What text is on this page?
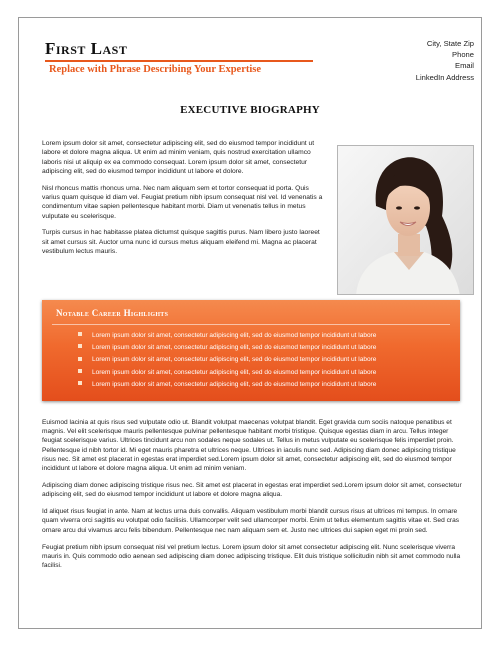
First Last
Replace with Phrase Describing Your Expertise
City, State Zip
Phone
Email
LinkedIn Address
EXECUTIVE BIOGRAPHY

Lorem ipsum dolor sit amet, consectetur adipiscing elit, sed do eiusmod tempor incididunt ut labore et dolore magna aliqua. Ut enim ad minim veniam, quis nostrud exercitation ullamco laboris nisi ut aliquip ex ea commodo consequat. Lorem ipsum dolor sit amet, consectetur adipiscing elit, sed do eiusmod tempor incididunt ut labore et dolore.

Nisl rhoncus mattis rhoncus urna. Nec nam aliquam sem et tortor consequat id porta. Quis varius quam quisque id diam vel. Feugiat pretium nibh ipsum consequat nisl vel. Id venenatis a condimentum vitae sapien pellentesque habitant morbi. Diam ut venenatis tellus in metus vulputate eu scelerisque.

Turpis cursus in hac habitasse platea dictumst quisque sagittis purus. Nam libero justo laoreet sit amet cursus sit. Auctor urna nunc id cursus metus aliquam eleifend mi. Magna ac placerat vestibulum lectus mauris.

Notable Career Highlights
Lorem ipsum dolor sit amet, consectetur adipiscing elit, sed do eiusmod tempor incididunt ut labore
Lorem ipsum dolor sit amet, consectetur adipiscing elit, sed do eiusmod tempor incididunt ut labore
Lorem ipsum dolor sit amet, consectetur adipiscing elit, sed do eiusmod tempor incididunt ut labore
Lorem ipsum dolor sit amet, consectetur adipiscing elit, sed do eiusmod tempor incididunt ut labore
Lorem ipsum dolor sit amet, consectetur adipiscing elit, sed do eiusmod tempor incididunt ut labore

Euismod lacinia at quis risus sed vulputate odio ut. Blandit volutpat maecenas volutpat blandit. Eget gravida cum sociis natoque penatibus et magnis. Vel elit scelerisque mauris pellentesque pulvinar pellentesque habitant morbi tristique. Quisque egestas diam in arcu. Tellus integer feugiat scelerisque varius. Ultrices tincidunt arcu non sodales neque sodales ut. Tellus in metus vulputate eu scelerisque felis imperdiet proin. Pellentesque id nibh tortor id. Mi eget mauris pharetra et ultrices neque. Ultrices in iaculis nunc sed. Adipiscing diam donec adipiscing tristique risus nec. Sit amet est placerat in egestas erat imperdiet sed.Lorem ipsum dolor sit amet, consectetur adipiscing elit, sed do eiusmod tempor incididunt ut labore et dolore magna aliqua. Ut enim ad minim veniam.

Adipiscing diam donec adipiscing tristique risus nec. Sit amet est placerat in egestas erat imperdiet sed.Lorem ipsum dolor sit amet, consectetur adipiscing elit, sed do eiusmod tempor incididunt ut labore et dolore magna aliqua.

Id aliquet risus feugiat in ante. Nam at lectus urna duis convallis. Aliquam vestibulum morbi blandit cursus risus at ultrices mi tempus. In ornare quam viverra orci sagittis eu volutpat odio facilisis. Ullamcorper velit sed ullamcorper morbi. Enim ut tellus elementum sagittis vitae et. Sed cras ornare arcu dui vivamus arcu felis bibendum. Pellentesque nec nam aliquam sem et. Justo nec ultrices dui sapien eget mi proin sed.

Feugiat pretium nibh ipsum consequat nisl vel pretium lectus. Lorem ipsum dolor sit amet consectetur adipiscing elit. Nunc scelerisque viverra mauris in. Quis commodo odio aenean sed adipiscing diam donec adipiscing tristique. Elit duis tristique sollicitudin nibh sit amet commodo nulla facilisi.
